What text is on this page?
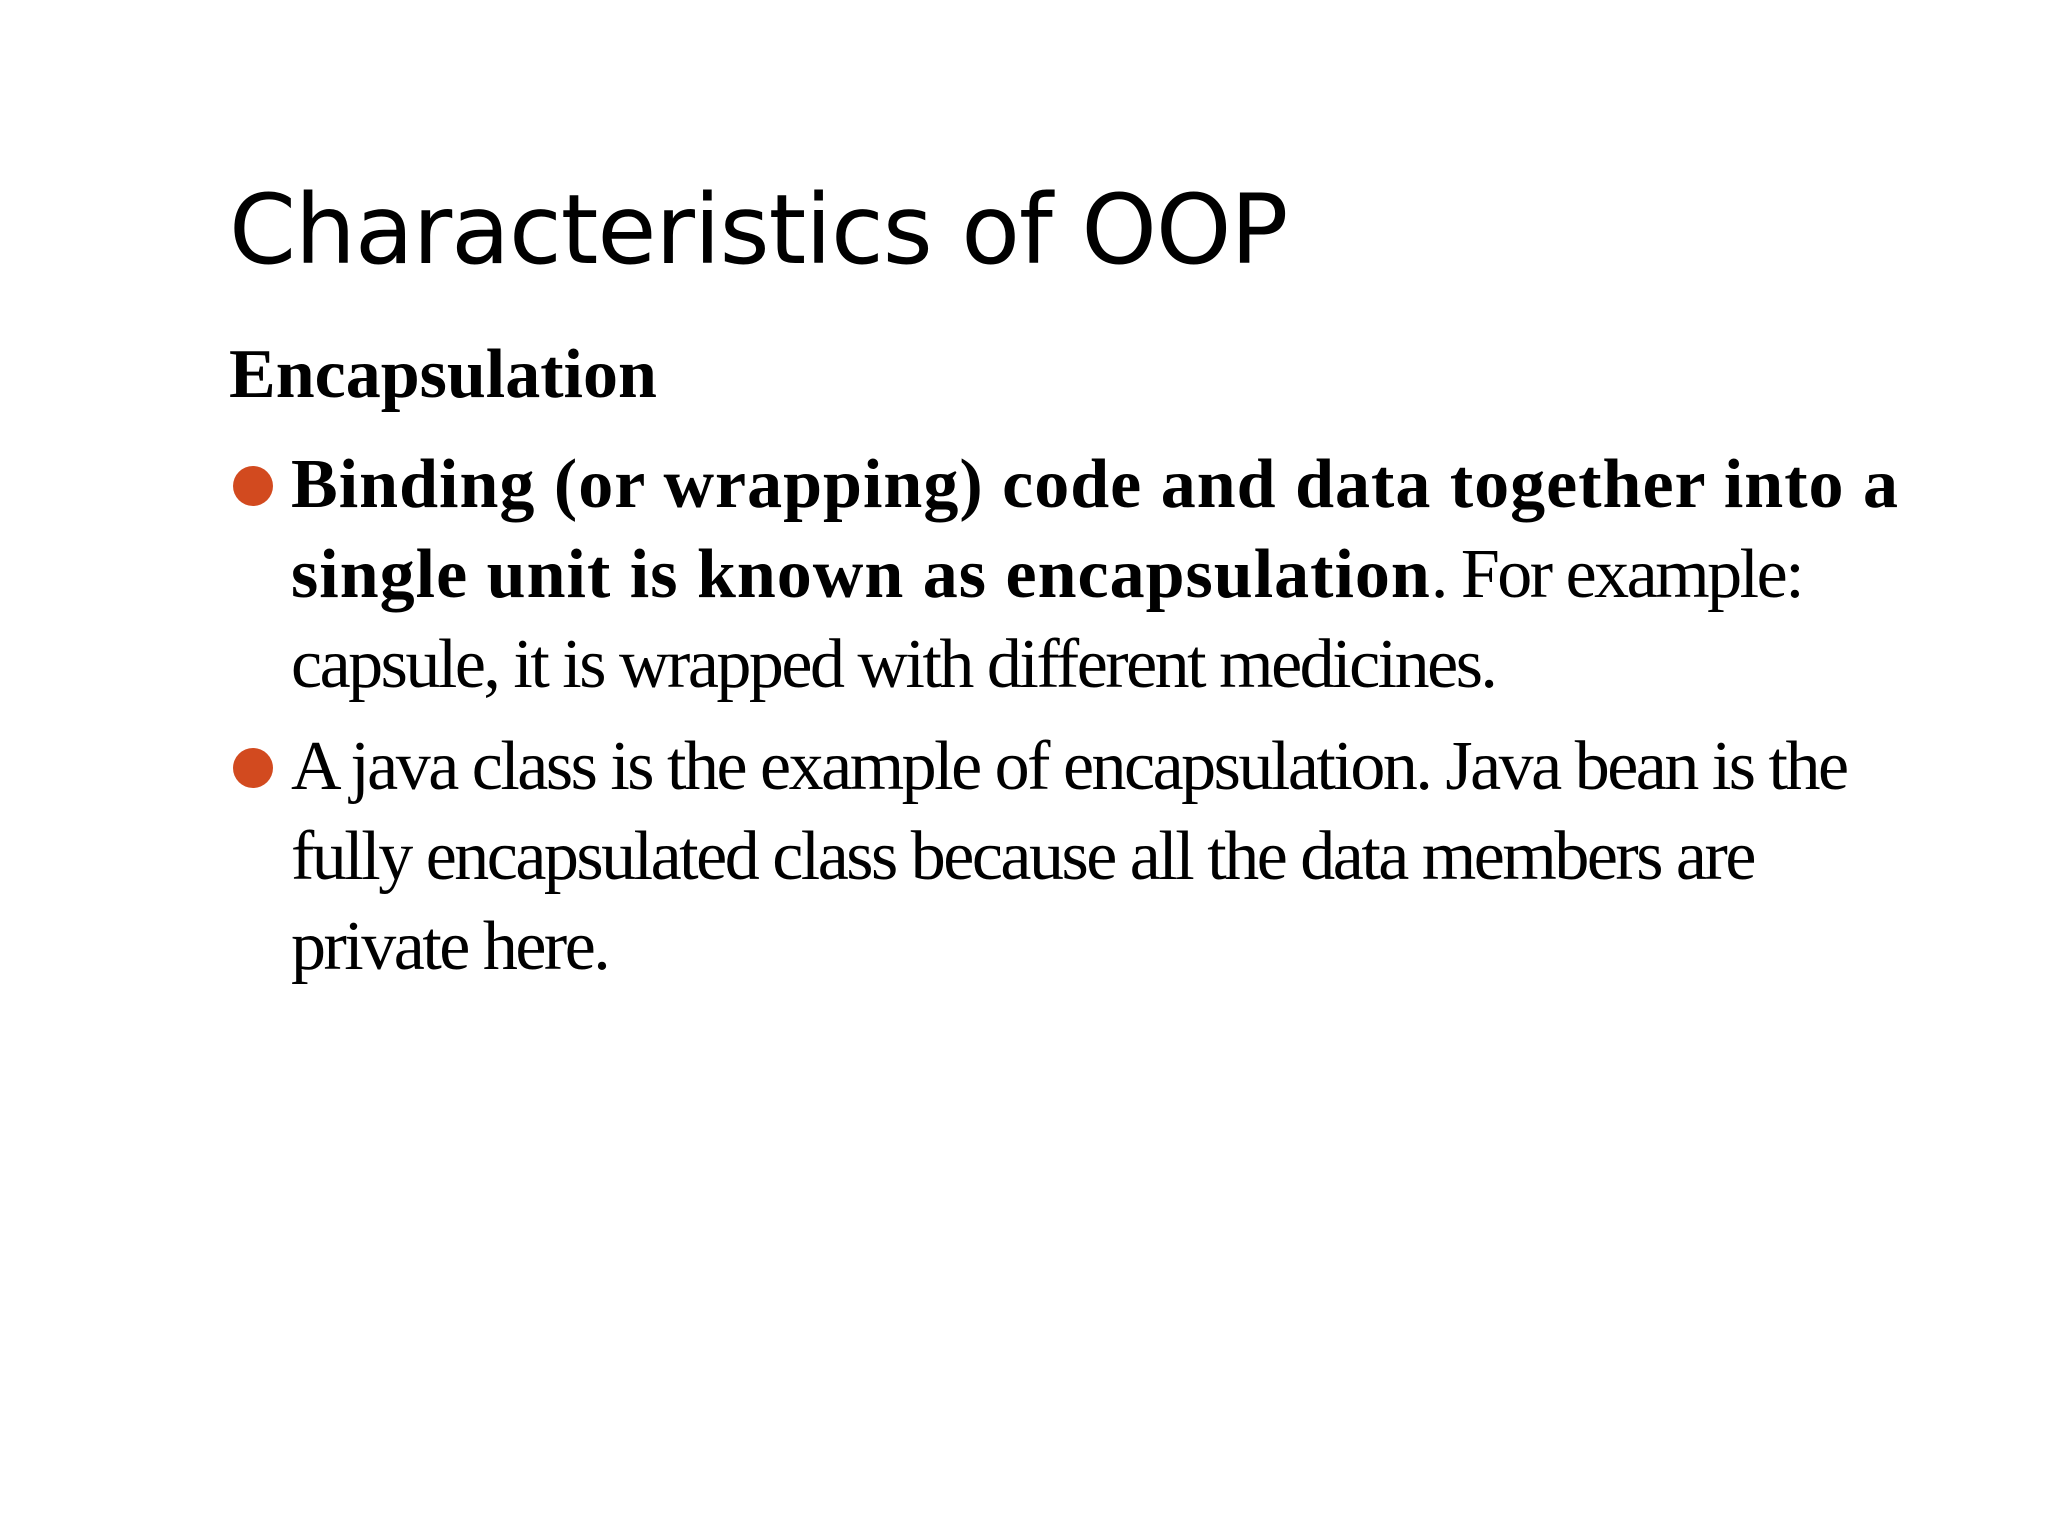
Characteristics of OOP
Encapsulation
Binding (or wrapping) code and data together into a single unit is known as encapsulation. For example: capsule, it is wrapped with different medicines.
A java class is the example of encapsulation. Java bean is the fully encapsulated class because all the data members are private here.
